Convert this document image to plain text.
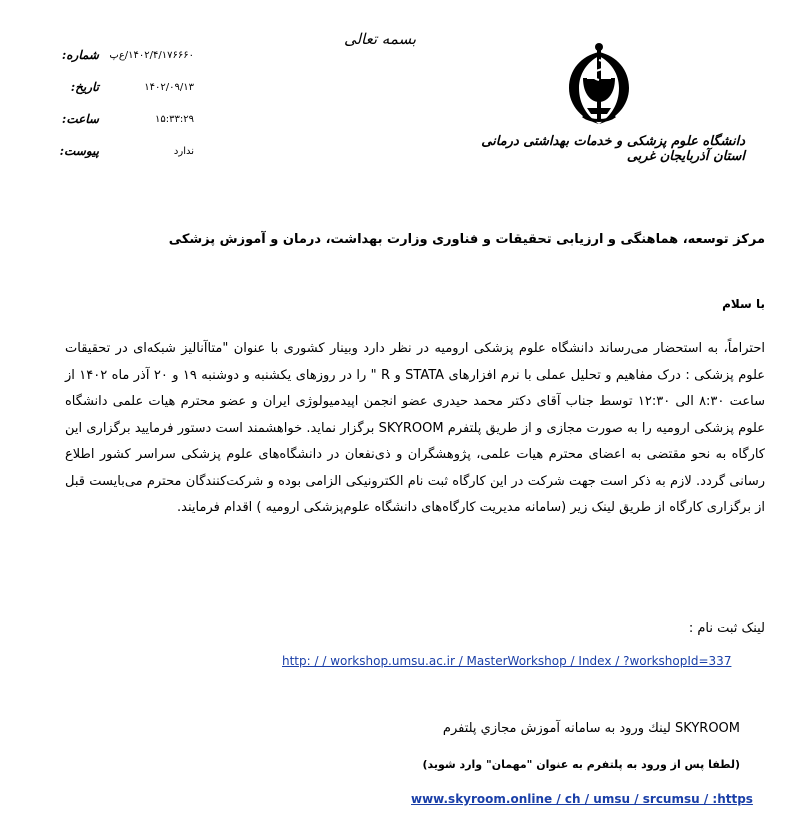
بسمه تعالی
دانشگاه علوم پزشکی و خدمات بهداشتی درمانی استان آذربایجان غربی
شماره:	۱۴۰۲/۴/۱۷۶۶۶۰/ع‌پ
تاریخ:	۱۴۰۲/۰۹/۱۳
ساعت:	۱۵:۳۳:۲۹
پیوست:	ندارد
مرکز توسعه، هماهنگی و ارزیابی تحقیقات و فناوری وزارت بهداشت، درمان و آموزش پزشکی
با سلام
احتراماً، به استحضار می‌رساند دانشگاه علوم پزشکی ارومیه در نظر دارد وبینار کشوری با عنوان "متاآنالیز شبکه‌ای در تحقیقات علوم پزشکی : درک مفاهیم و تحلیل عملی با نرم افزارهای STATA و R " را در روزهای یکشنبه و دوشنبه ۱۹ و ۲۰ آذر ماه ۱۴۰۲ از ساعت ۸:۳۰ الی ۱۲:۳۰ توسط جناب آقای دکتر محمد حیدری عضو انجمن اپیدمیولوژی ایران و عضو محترم هیات علمی دانشگاه علوم پزشکی ارومیه را به صورت مجازی و از طریق پلتفرم SKYROOM برگزار نماید. خواهشمند است دستور فرمایید برگزاری این کارگاه به نحو مقتضی به اعضای محترم هیات علمی، پژوهشگران و ذی‌نفعان در دانشگاه‌های علوم پزشکی سراسر کشور اطلاع رسانی گردد. لازم به ذکر است جهت شرکت در این کارگاه ثبت نام الکترونیکی الزامی بوده و شرکت‌کنندگان محترم می‌بایست قبل از برگزاری کارگاه از طریق لینک زیر (سامانه مدیریت کارگاه‌های دانشگاه علوم‌پزشکی ارومیه ) اقدام فرمایند.
لینک ثبت نام :
http: / / workshop.umsu.ac.ir / MasterWorkshop / Index / ?workshopId=337
SKYROOM لينك ورود به سامانه آموزش مجازي پلتفرم
(لطفا پس از ورود به پلتفرم به عنوان "مهمان" وارد شوید)
www.skyroom.online / ch / umsu / srcumsu / :https
